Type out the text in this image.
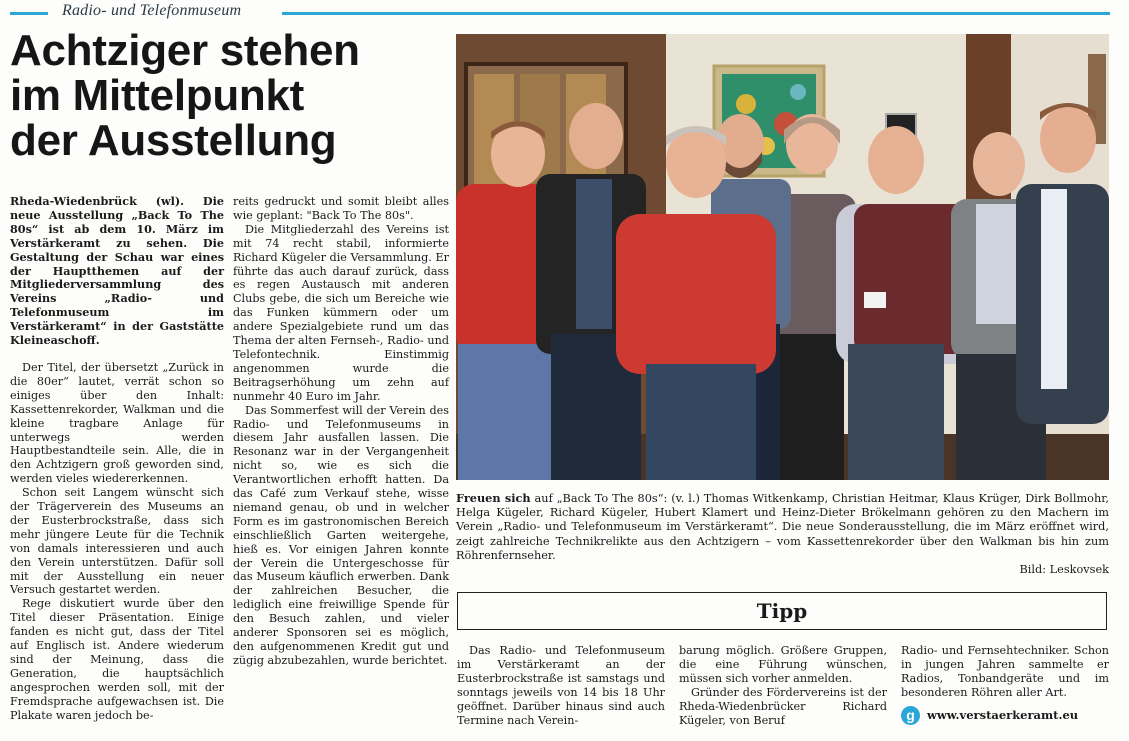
Radio- und Telefonmuseum
Achtziger stehen
im Mittelpunkt
der Ausstellung

Rheda-Wiedenbrück (wl). Die neue Ausstellung „Back To The 80s“ ist ab dem 10. März im Verstärkeramt zu sehen. Die Gestaltung der Schau war eines der Hauptthemen auf der Mitgliederversammlung des Vereins „Radio- und Telefonmuseum im Verstärkeramt“ in der Gaststätte Kleineaschoff.

Der Titel, der übersetzt „Zurück in die 80er“ lautet, verrät schon so einiges über den Inhalt: Kassettenrekorder, Walkman und die kleine tragbare Anlage für unterwegs werden Hauptbestandteile sein. Alle, die in den Achtzigern groß geworden sind, werden vieles wiedererkennen.

Schon seit Langem wünscht sich der Trägerverein des Museums an der Eusterbrockstraße, dass sich mehr jüngere Leute für die Technik von damals interessieren und auch den Verein unterstützen. Dafür soll mit der Ausstellung ein neuer Versuch gestartet werden.

Rege diskutiert wurde über den Titel dieser Präsentation. Einige fanden es nicht gut, dass der Titel auf Englisch ist. Andere wiederum sind der Meinung, dass die Generation, die hauptsächlich angesprochen werden soll, mit der Fremdsprache aufgewachsen ist. Die Plakate waren jedoch be-

reits gedruckt und somit bleibt alles wie geplant: "Back To The 80s".

Die Mitgliederzahl des Vereins ist mit 74 recht stabil, informierte Richard Kügeler die Versammlung. Er führte das auch darauf zurück, dass es regen Austausch mit anderen Clubs gebe, die sich um Bereiche wie das Funken kümmern oder um andere Spezialgebiete rund um das Thema der alten Fernseh-, Radio- und Telefontechnik. Einstimmig angenommen wurde die Beitragserhöhung um zehn auf nunmehr 40 Euro im Jahr.

Das Sommerfest will der Verein des Radio- und Telefonmuseums in diesem Jahr ausfallen lassen. Die Resonanz war in der Vergangenheit nicht so, wie es sich die Verantwortlichen erhofft hatten. Da das Café zum Verkauf stehe, wisse niemand genau, ob und in welcher Form es im gastronomischen Bereich einschließlich Garten weitergehe, hieß es. Vor einigen Jahren konnte der Verein die Untergeschosse für das Museum käuflich erwerben. Dank der zahlreichen Besucher, die lediglich eine freiwillige Spende für den Besuch zahlen, und vieler anderer Sponsoren sei es möglich, den aufgenommenen Kredit gut und zügig abzubezahlen, wurde berichtet.

Freuen sich auf „Back To The 80s“: (v. l.) Thomas Witkenkamp, Christian Heitmar, Klaus Krüger, Dirk Bollmohr, Helga Kügeler, Richard Kügeler, Hubert Klamert und Heinz-Dieter Brökelmann gehören zu den Machern im Verein „Radio- und Telefonmuseum im Verstärkeramt“. Die neue Sonderausstellung, die im März eröffnet wird, zeigt zahlreiche Technikrelikte aus den Achtzigern – vom Kassettenrekorder über den Walkman bis hin zum Röhrenfernseher.
Bild: Leskovsek
Tipp

Das Radio- und Telefonmuseum im Verstärkeramt an der Eusterbrockstraße ist samstags und sonntags jeweils von 14 bis 18 Uhr geöffnet. Darüber hinaus sind auch Termine nach Verein-

barung möglich. Größere Gruppen, die eine Führung wünschen, müssen sich vorher anmelden.

Gründer des Fördervereins ist der Rheda-Wiedenbrücker Richard Kügeler, von Beruf

Radio- und Fernsehtechniker. Schon in jungen Jahren sammelte er Radios, Tonbandgeräte und im besonderen Röhren aller Art.

g	www.verstaerkeramt.eu
